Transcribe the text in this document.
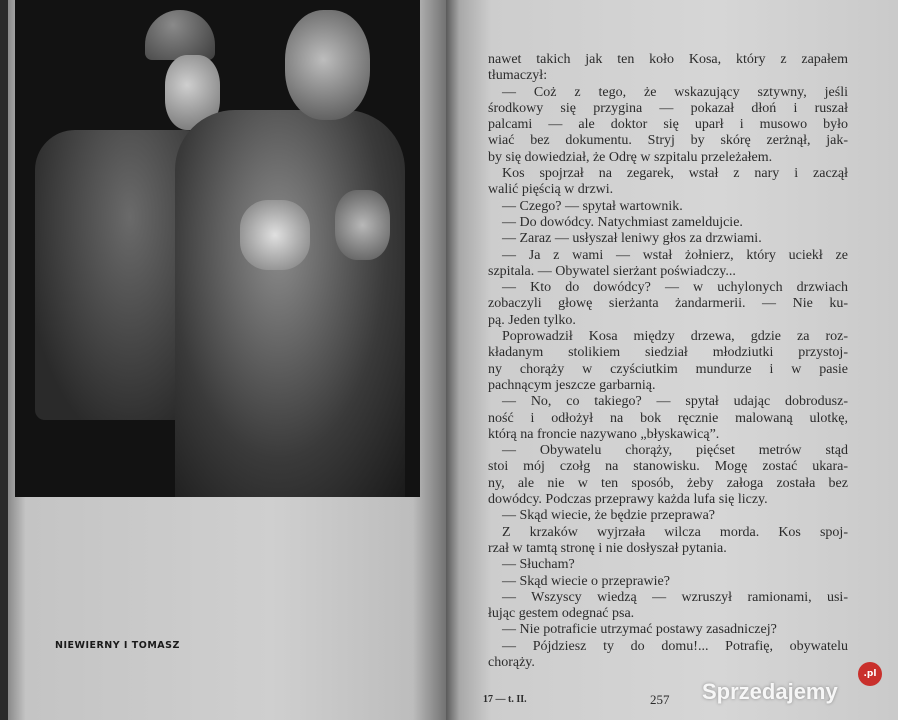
NIEWIERNY I TOMASZ
nawet takich jak ten koło Kosa, który z zapałem
tłumaczył:
— Coż z tego, że wskazujący sztywny, jeśli
środkowy się przygina — pokazał dłoń i ruszał
palcami — ale doktor się uparł i musowo było
wiać bez dokumentu. Stryj by skórę zerżnął, jak-
by się dowiedział, że Odrę w szpitalu przeleżałem.
Kos spojrzał na zegarek, wstał z nary i zaczął
walić pięścią w drzwi.
— Czego? — spytał wartownik.
— Do dowódcy. Natychmiast zameldujcie.
— Zaraz — usłyszał leniwy głos za drzwiami.
— Ja z wami — wstał żołnierz, który uciekł ze
szpitala. — Obywatel sierżant poświadczy...
— Kto do dowódcy? — w uchylonych drzwiach
zobaczyli głowę sierżanta żandarmerii. — Nie ku-
pą. Jeden tylko.
Poprowadził Kosa między drzewa, gdzie za roz-
kładanym stolikiem siedział młodziutki przystoj-
ny chorąży w czyściutkim mundurze i w pasie
pachnącym jeszcze garbarnią.
— No, co takiego? — spytał udając dobrodusz-
ność i odłożył na bok ręcznie malowaną ulotkę,
którą na froncie nazywano „błyskawicą”.
— Obywatelu chorąży, pięćset metrów stąd
stoi mój czołg na stanowisku. Mogę zostać ukara-
ny, ale nie w ten sposób, żeby załoga została bez
dowódcy. Podczas przeprawy każda lufa się liczy.
— Skąd wiecie, że będzie przeprawa?
Z krzaków wyjrzała wilcza morda. Kos spoj-
rzał w tamtą stronę i nie dosłyszał pytania.
— Słucham?
— Skąd wiecie o przeprawie?
— Wszyscy wiedzą — wzruszył ramionami, usi-
łując gestem odegnać psa.
— Nie potraficie utrzymać postawy zasadniczej?
— Pójdziesz ty do domu!... Potrafię, obywatelu
chorąży.
17 — t. II.	257 Sprzedajemy
.pl
